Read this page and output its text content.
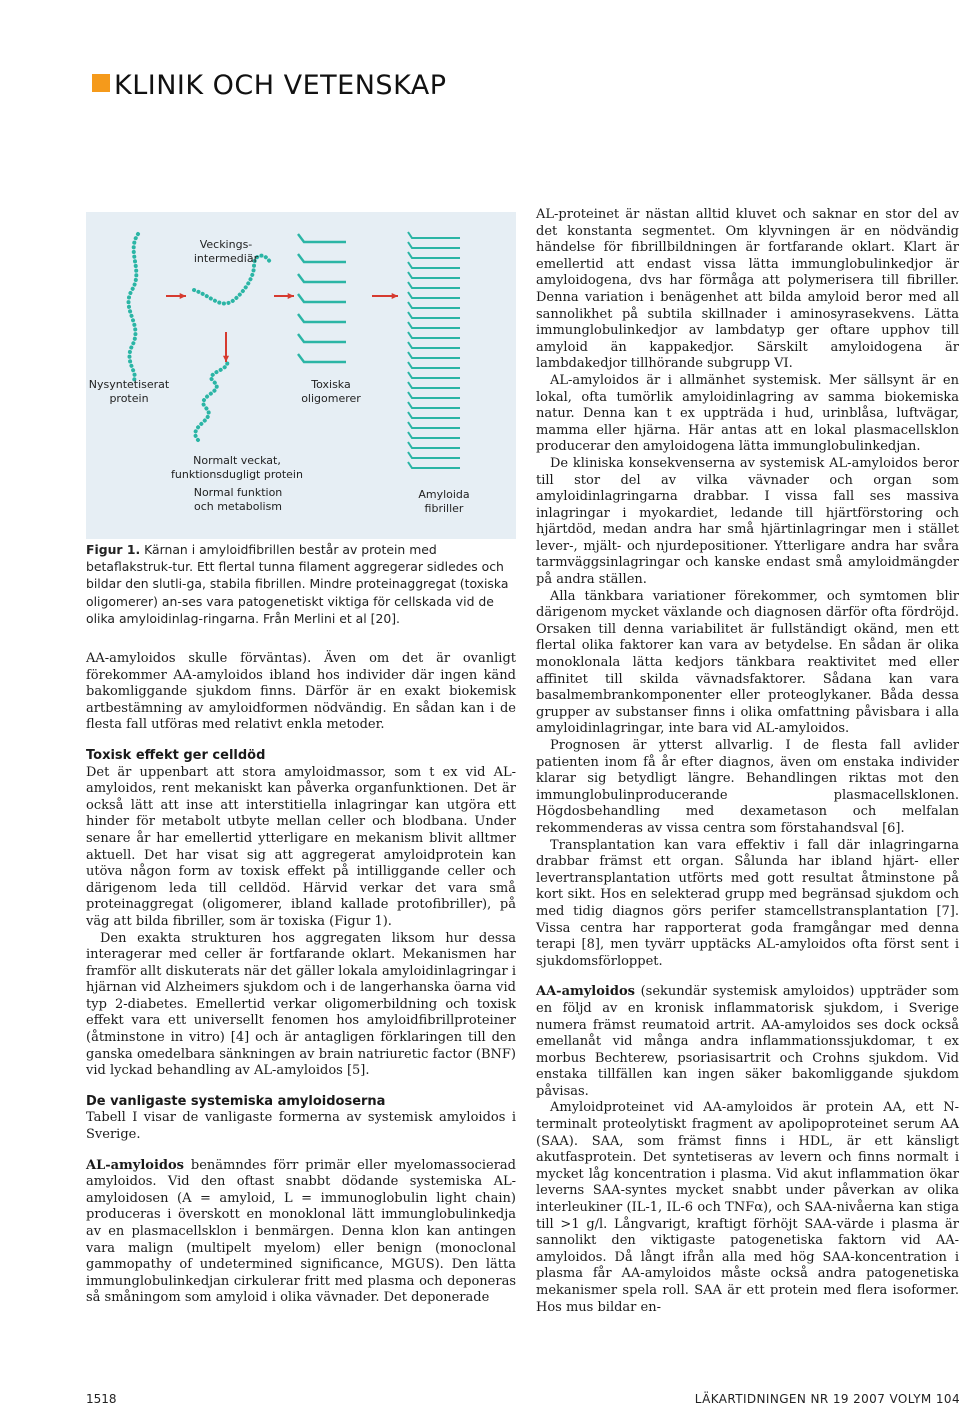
KLINIK OCH VETENSKAP
Veckings-
intermediär
Nysyntetiserat
protein
Toxiska
oligomerer
Normalt veckat,
funktionsdugligt protein
Normal funktion
och metabolism
Amyloida
fibriller
Figur 1. Kärnan i amyloidfibrillen består av protein med betaflakstruk-tur. Ett flertal tunna filament aggregerar sidledes och bildar den slutli-ga, stabila fibrillen. Mindre proteinaggregat (toxiska oligomerer) an-ses vara patogenetiskt viktiga för cellskada vid de olika amyloidinlag-ringarna. Från Merlini et al [20].

AA-amyloidos skulle förväntas). Även om det är ovanligt förekommer AA-amyloidos ibland hos individer där ingen känd bakomliggande sjukdom finns. Därför är en exakt biokemisk artbestämning av amyloidformen nödvändig. En sådan kan i de flesta fall utföras med relativt enkla metoder.

Toxisk effekt ger celldöd

Det är uppenbart att stora amyloidmassor, som t ex vid AL-amyloidos, rent mekaniskt kan påverka organfunktionen. Det är också lätt att inse att interstitiella inlagringar kan utgöra ett hinder för metabolt utbyte mellan celler och blodbana. Under senare år har emellertid ytterligare en mekanism blivit alltmer aktuell. Det har visat sig att aggregerat amyloidprotein kan utöva någon form av toxisk effekt på intilliggande celler och därigenom leda till celldöd. Härvid verkar det vara små proteinaggregat (oligomerer, ibland kallade protofibriller), på väg att bilda fibriller, som är toxiska (Figur 1).

Den exakta strukturen hos aggregaten liksom hur dessa interagerar med celler är fortfarande oklart. Mekanismen har framför allt diskuterats när det gäller lokala amyloidinlagringar i hjärnan vid Alzheimers sjukdom och i de langerhanska öarna vid typ 2-diabetes. Emellertid verkar oligomerbildning och toxisk effekt vara ett universellt fenomen hos amyloidfibrillproteiner (åtminstone in vitro) [4] och är antagligen förklaringen till den ganska omedelbara sänkningen av brain natriuretic factor (BNF) vid lyckad behandling av AL-amyloidos [5].

De vanligaste systemiska amyloidoserna

Tabell I visar de vanligaste formerna av systemisk amyloidos i Sverige.

AL-amyloidos benämndes förr primär eller myelomassocierad amyloidos. Vid den oftast snabbt dödande systemiska AL-amyloidosen (A = amyloid, L = immunoglobulin light chain) produceras i överskott en monoklonal lätt immunglobulinkedja av en plasmacellsklon i benmärgen. Denna klon kan antingen vara malign (multipelt myelom) eller benign (monoclonal gammopathy of undetermined significance, MGUS). Den lätta immunglobulinkedjan cirkulerar fritt med plasma och deponeras så småningom som amyloid i olika vävnader. Det deponerade

AL-proteinet är nästan alltid kluvet och saknar en stor del av det konstanta segmentet. Om klyvningen är en nödvändig händelse för fibrillbildningen är fortfarande oklart. Klart är emellertid att endast vissa lätta immunglobulinkedjor är amyloidogena, dvs har förmåga att polymerisera till fibriller. Denna variation i benägenhet att bilda amyloid beror med all sannolikhet på subtila skillnader i aminosyrasekvens. Lätta immunglobulinkedjor av lambdatyp ger oftare upphov till amyloid än kappakedjor. Särskilt amyloidogena är lambdakedjor tillhörande subgrupp VI.

AL-amyloidos är i allmänhet systemisk. Mer sällsynt är en lokal, ofta tumörlik amyloidinlagring av samma biokemiska natur. Denna kan t ex uppträda i hud, urinblåsa, luftvägar, mamma eller hjärna. Här antas att en lokal plasmacellsklon producerar den amyloidogena lätta immunglobulinkedjan.

De kliniska konsekvenserna av systemisk AL-amyloidos beror till stor del av vilka vävnader och organ som amyloidinlagringarna drabbar. I vissa fall ses massiva inlagringar i myokardiet, ledande till hjärtförstoring och hjärtdöd, medan andra har små hjärtinlagringar men i stället lever-, mjält- och njurdepositioner. Ytterligare andra har svåra tarmväggsinlagringar och kanske endast små amyloidmängder på andra ställen.

Alla tänkbara variationer förekommer, och symtomen blir därigenom mycket växlande och diagnosen därför ofta fördröjd. Orsaken till denna variabilitet är fullständigt okänd, men ett flertal olika faktorer kan vara av betydelse. En sådan är olika monoklonala lätta kedjors tänkbara reaktivitet med eller affinitet till skilda vävnadsfaktorer. Sådana kan vara basalmembrankomponenter eller proteoglykaner. Båda dessa grupper av substanser finns i olika omfattning påvisbara i alla amyloidinlagringar, inte bara vid AL-amyloidos.

Prognosen är ytterst allvarlig. I de flesta fall avlider patienten inom få år efter diagnos, även om enstaka individer klarar sig betydligt längre. Behandlingen riktas mot den immunglobulinproducerande plasmacellsklonen. Högdosbehandling med dexametason och melfalan rekommenderas av vissa centra som förstahandsval [6].

Transplantation kan vara effektiv i fall där inlagringarna drabbar främst ett organ. Sålunda har ibland hjärt- eller levertransplantation utförts med gott resultat åtminstone på kort sikt. Hos en selekterad grupp med begränsad sjukdom och med tidig diagnos görs perifer stamcellstransplantation [7]. Vissa centra har rapporterat goda framgångar med denna terapi [8], men tyvärr upptäcks AL-amyloidos ofta först sent i sjukdomsförloppet.

AA-amyloidos (sekundär systemisk amyloidos) uppträder som en följd av en kronisk inflammatorisk sjukdom, i Sverige numera främst reumatoid artrit. AA-amyloidos ses dock också emellanåt vid många andra inflammationssjukdomar, t ex morbus Bechterew, psoriasisartrit och Crohns sjukdom. Vid enstaka tillfällen kan ingen säker bakomliggande sjukdom påvisas.

Amyloidproteinet vid AA-amyloidos är protein AA, ett N-terminalt proteolytiskt fragment av apolipoproteinet serum AA (SAA). SAA, som främst finns i HDL, är ett känsligt akutfasprotein. Det syntetiseras av levern och finns normalt i mycket låg koncentration i plasma. Vid akut inflammation ökar leverns SAA-syntes mycket snabbt under påverkan av olika interleukiner (IL-1, IL-6 och TNFα), och SAA-nivåerna kan stiga till >1 g/l. Långvarigt, kraftigt förhöjt SAA-värde i plasma är sannolikt den viktigaste patogenetiska faktorn vid AA-amyloidos. Då långt ifrån alla med hög SAA-koncentration i plasma får AA-amyloidos måste också andra patogenetiska mekanismer spela roll. SAA är ett protein med flera isoformer. Hos mus bildar en-

1518	LÄKARTIDNINGEN NR 19 2007 VOLYM 104
